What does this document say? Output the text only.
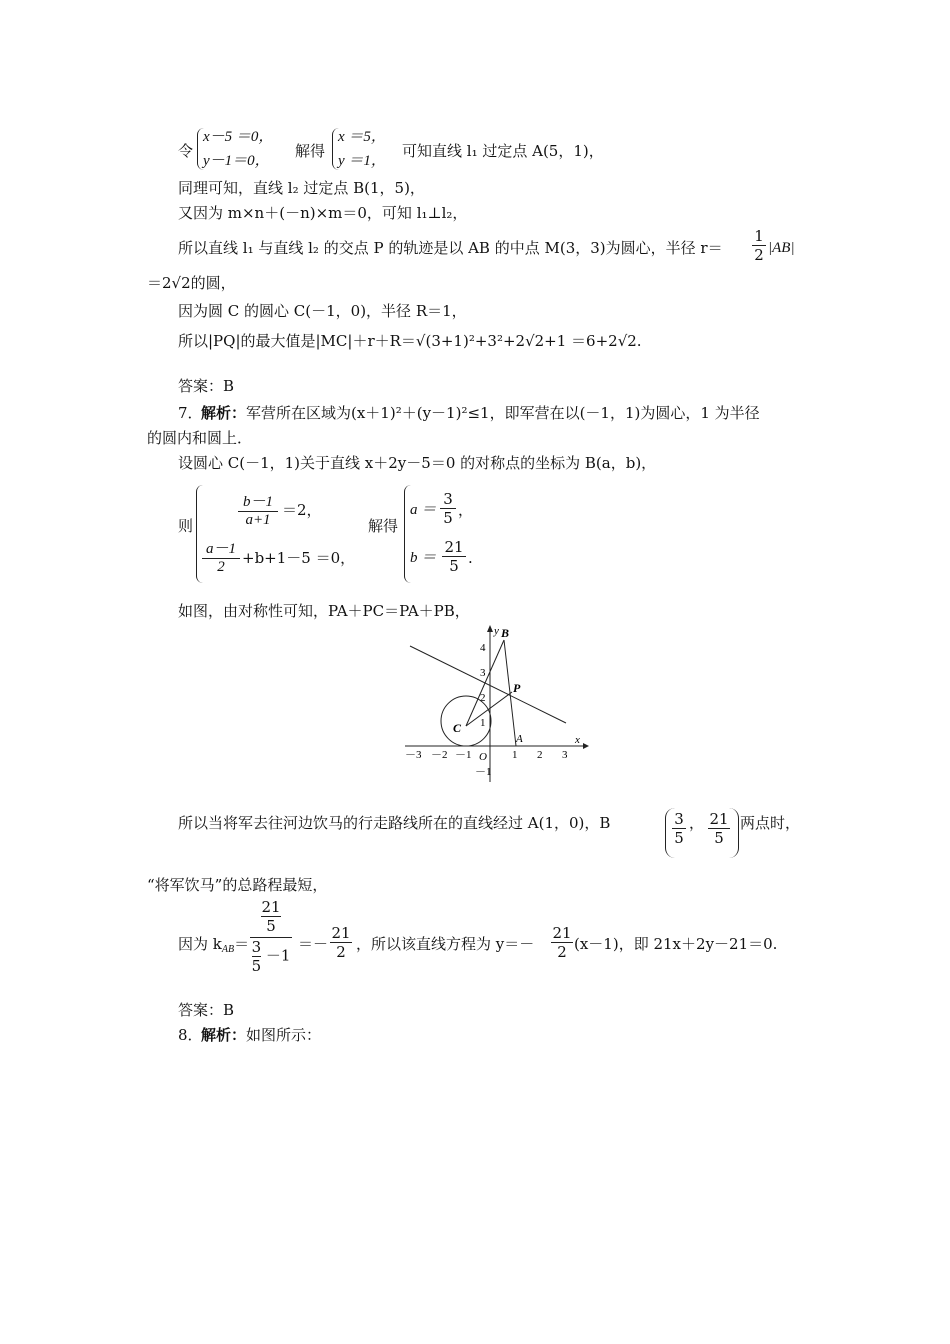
令
x－5 ＝0，
y－1＝0，
解得
x ＝5，
y ＝1，
可知直线 l₁ 过定点 A(5，1)，
同理可知，直线 l₂ 过定点 B(1，5)，
又因为 m×n＋(－n)×m＝0，可知 l₁⊥l₂，
所以直线 l₁ 与直线 l₂ 的交点 P 的轨迹是以 AB 的中点 M(3，3)为圆心，半径 $r= \frac{1}{2} |AB|$
＝2√2的圆，
因为圆 C 的圆心 C(－1，0)，半径 R＝1，
所以|PQ|的最大值是|MC|＋r＋R＝√(3+1)²+3²+2√2+1 ＝6+2√2.
答案：B
7．
解析： 军营所在区域为(x＋1)²＋(y－1)²≤1，即军营在以(－1，1)为圆心，1 为半径
的圆内和圆上．
设圆心 C(－1，1)关于直线 x＋2y－5＝0 的对称点的坐标为 B(a，b)，
则	$\frac{b-1}{a+1} =2$，
$\frac{a-1}{2} +b+1-5 =0$，
解得
$a = \frac{3}{5}$ ，
$b = \frac{21}{5}$ .
如图，由对称性可知，PA＋PC＝PA＋PB，
x
y
O
－3 －2 －1	1 2 3
4
3
2
1
－1
B
P
C
A
所以当将军去往河边饮马的行走路线所在的直线经过 A(1，0)，B	$\frac{3}{5}$ ， $\frac{21}{5}$ 两点时，
“将军饮马”的总路程最短，
因为 $k_{AB}= \frac{\frac{21}{5}}{\frac{3}{5} -1} =- \frac{21}{2}$ ，所以该直线方程为 $y=- \frac{21}{2} (x-1)$，即 21x＋2y－21＝0.
答案：B
8．
解析： 如图所示：
